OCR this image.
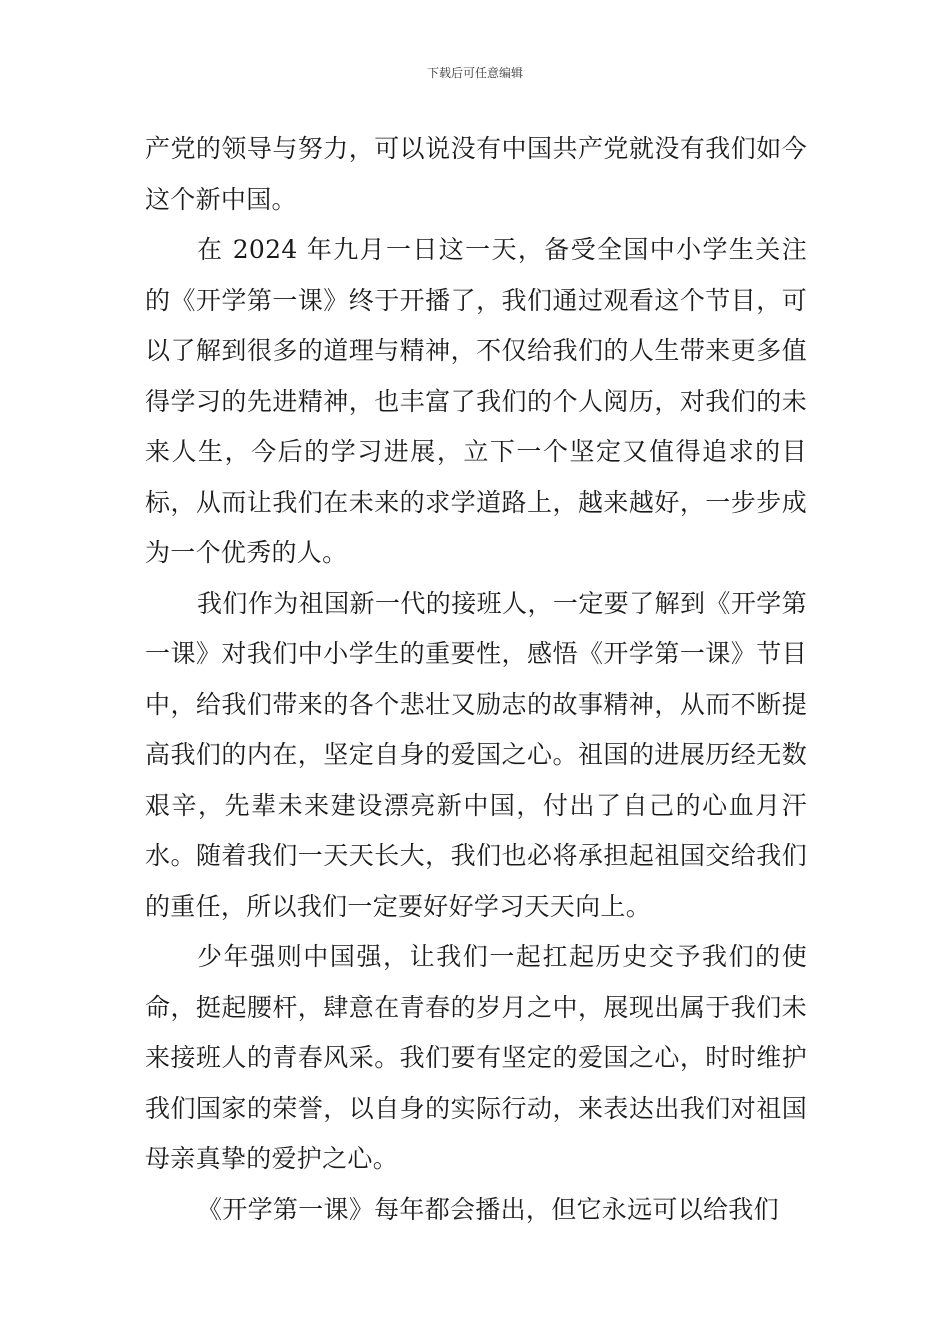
下载后可任意编辑

产党的领导与努力，可以说没有中国共产党就没有我们如今这个新中国。

在 2024 年九月一日这一天，备受全国中小学生关注的《开学第一课》终于开播了，我们通过观看这个节目，可以了解到很多的道理与精神，不仅给我们的人生带来更多值得学习的先进精神，也丰富了我们的个人阅历，对我们的未来人生，今后的学习进展，立下一个坚定又值得追求的目标，从而让我们在未来的求学道路上，越来越好，一步步成为一个优秀的人。

我们作为祖国新一代的接班人，一定要了解到《开学第一课》对我们中小学生的重要性，感悟《开学第一课》节目中，给我们带来的各个悲壮又励志的故事精神，从而不断提高我们的内在，坚定自身的爱国之心。祖国的进展历经无数艰辛，先辈未来建设漂亮新中国，付出了自己的心血月汗水。随着我们一天天长大，我们也必将承担起祖国交给我们的重任，所以我们一定要好好学习天天向上。

少年强则中国强，让我们一起扛起历史交予我们的使命，挺起腰杆，肆意在青春的岁月之中，展现出属于我们未来接班人的青春风采。我们要有坚定的爱国之心，时时维护我们国家的荣誉，以自身的实际行动，来表达出我们对祖国母亲真挚的爱护之心。

《开学第一课》每年都会播出，但它永远可以给我们
